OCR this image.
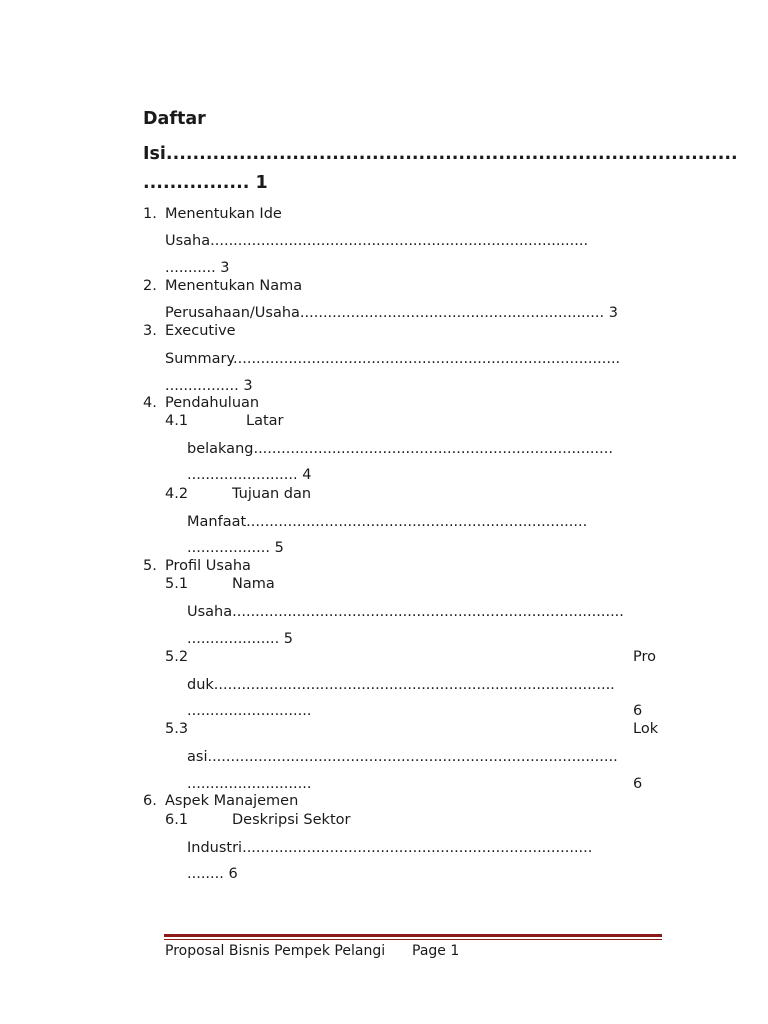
Daftar
Isi......................................................................................
................ 1
1. Menentukan Ide
Usaha..................................................................................
........... 3
2. Menentukan Nama
Perusahaan/Usaha.................................................................. 3
3. Executive
Summary....................................................................................
................ 3
4. Pendahuluan
4.1	Latar
belakang..............................................................................
........................ 4
4.2	Tujuan dan
Manfaat..........................................................................
.................. 5
5. Profil Usaha
5.1	Nama
Usaha.....................................................................................
.................... 5
5.2	Pro
duk.......................................................................................
...........................	6
5.3	Lok
asi.........................................................................................
...........................	6
6. Aspek Manajemen
6.1	Deskripsi Sektor
Industri............................................................................
........ 6
Proposal Bisnis Pempek Pelangi Page 1
